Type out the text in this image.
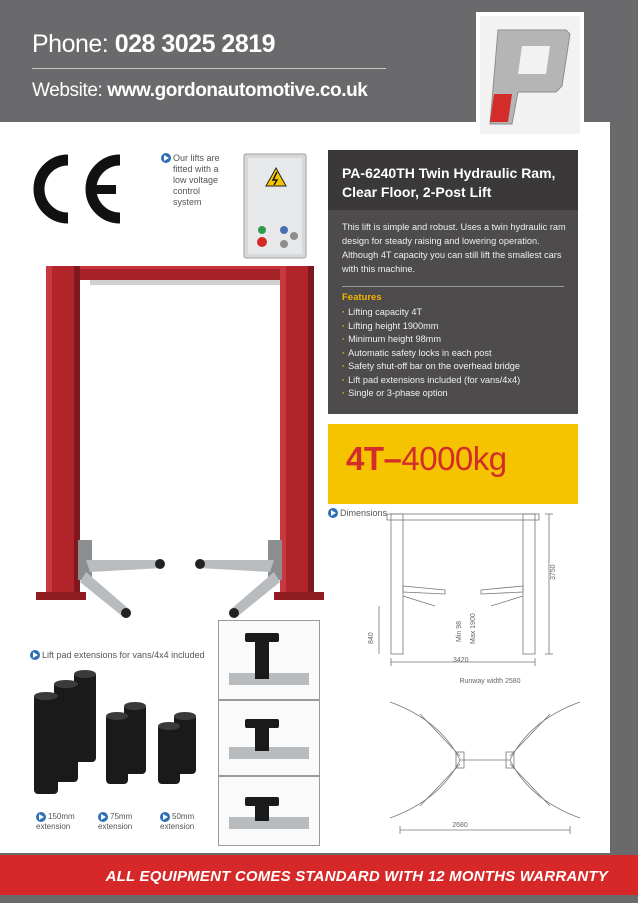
Phone: 028 3025 2819
Website: www.gordonautomotive.co.uk
Our lifts are fitted with a low voltage control system
PA-6240TH Twin Hydraulic Ram, Clear Floor, 2-Post Lift
This lift is simple and robust. Uses a twin hydraulic ram design for steady raising and lowering operation. Although 4T capacity you can still lift the smallest cars with this machine.
Features
· Lifting capacity 4T
· Lifting height 1900mm
· Minimum height 98mm
· Automatic safety locks in each post
· Safety shut-off bar on the overhead bridge
· Lift pad extensions included (for vans/4x4)
· Single or 3-phase option
4T–4000kg
Dimensions
3750
840	Min 98 Max 1900
3420
Runway width 2580
2680
Lift pad extensions for vans/4x4 included
150mm
extension
75mm
extension
50mm
extension
ALL EQUIPMENT COMES STANDARD WITH 12 MONTHS WARRANTY
